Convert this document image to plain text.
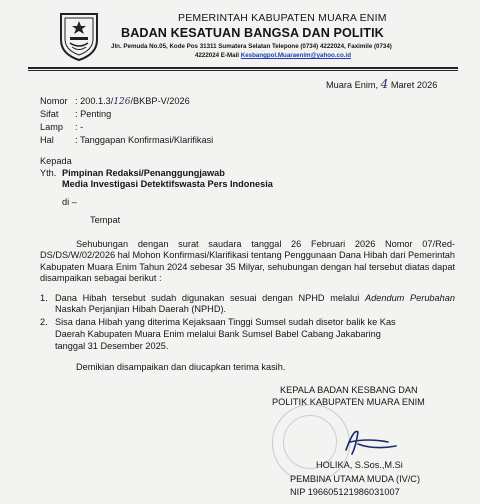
PEMERINTAH KABUPATEN MUARA ENIM
BADAN KESATUAN BANGSA DAN POLITIK
Jln. Pemuda No.05, Kode Pos 31311 Sumatera Selatan Telepone (0734) 4222024, Faximile (0734)
4222024 E-Mail Kesbangpol.Muaraenim@yahoo.co.id
Muara Enim, 4 Maret 2026
Nomor : 200.1.3/126/BKBP-V/2026
Sifat : Penting
Lamp : -
Hal : Tanggapan Konfirmasi/Klarifikasi
Kepada
Yth. Pimpinan Redaksi/Penanggungjawab
Media Investigasi Detektifswasta Pers Indonesia
di –
Tempat
Sehubungan dengan surat saudara tanggal 26 Februari 2026 Nomor 07/Red-DS/DS/W/02/2026 hal Mohon Konfirmasi/Klarifikasi tentang Penggunaan Dana Hibah dari Pemerintah Kabupaten Muara Enim Tahun 2024 sebesar 35 Milyar, sehubungan dengan hal tersebut diatas dapat disampaikan sebagai berikut :
1. Dana Hibah tersebut sudah digunakan sesuai dengan NPHD melalui Adendum Perubahan Naskah Perjanjian Hibah Daerah (NPHD).
2. Sisa dana Hibah yang diterima Kejaksaan Tinggi Sumsel sudah disetor balik ke Kas
Daerah Kabupaten Muara Enim melalui Bank Sumsel Babel Cabang Jakabaring
tanggal 31 Desember 2025.
Demikian disampaikan dan diucapkan terima kasih.
KEPALA BADAN KESBANG DAN
POLITIK KABUPATEN MUARA ENIM
HOLIKA, S.Sos.,M.Si
PEMBINA UTAMA MUDA (IV/C)
NIP 196605121986031007
